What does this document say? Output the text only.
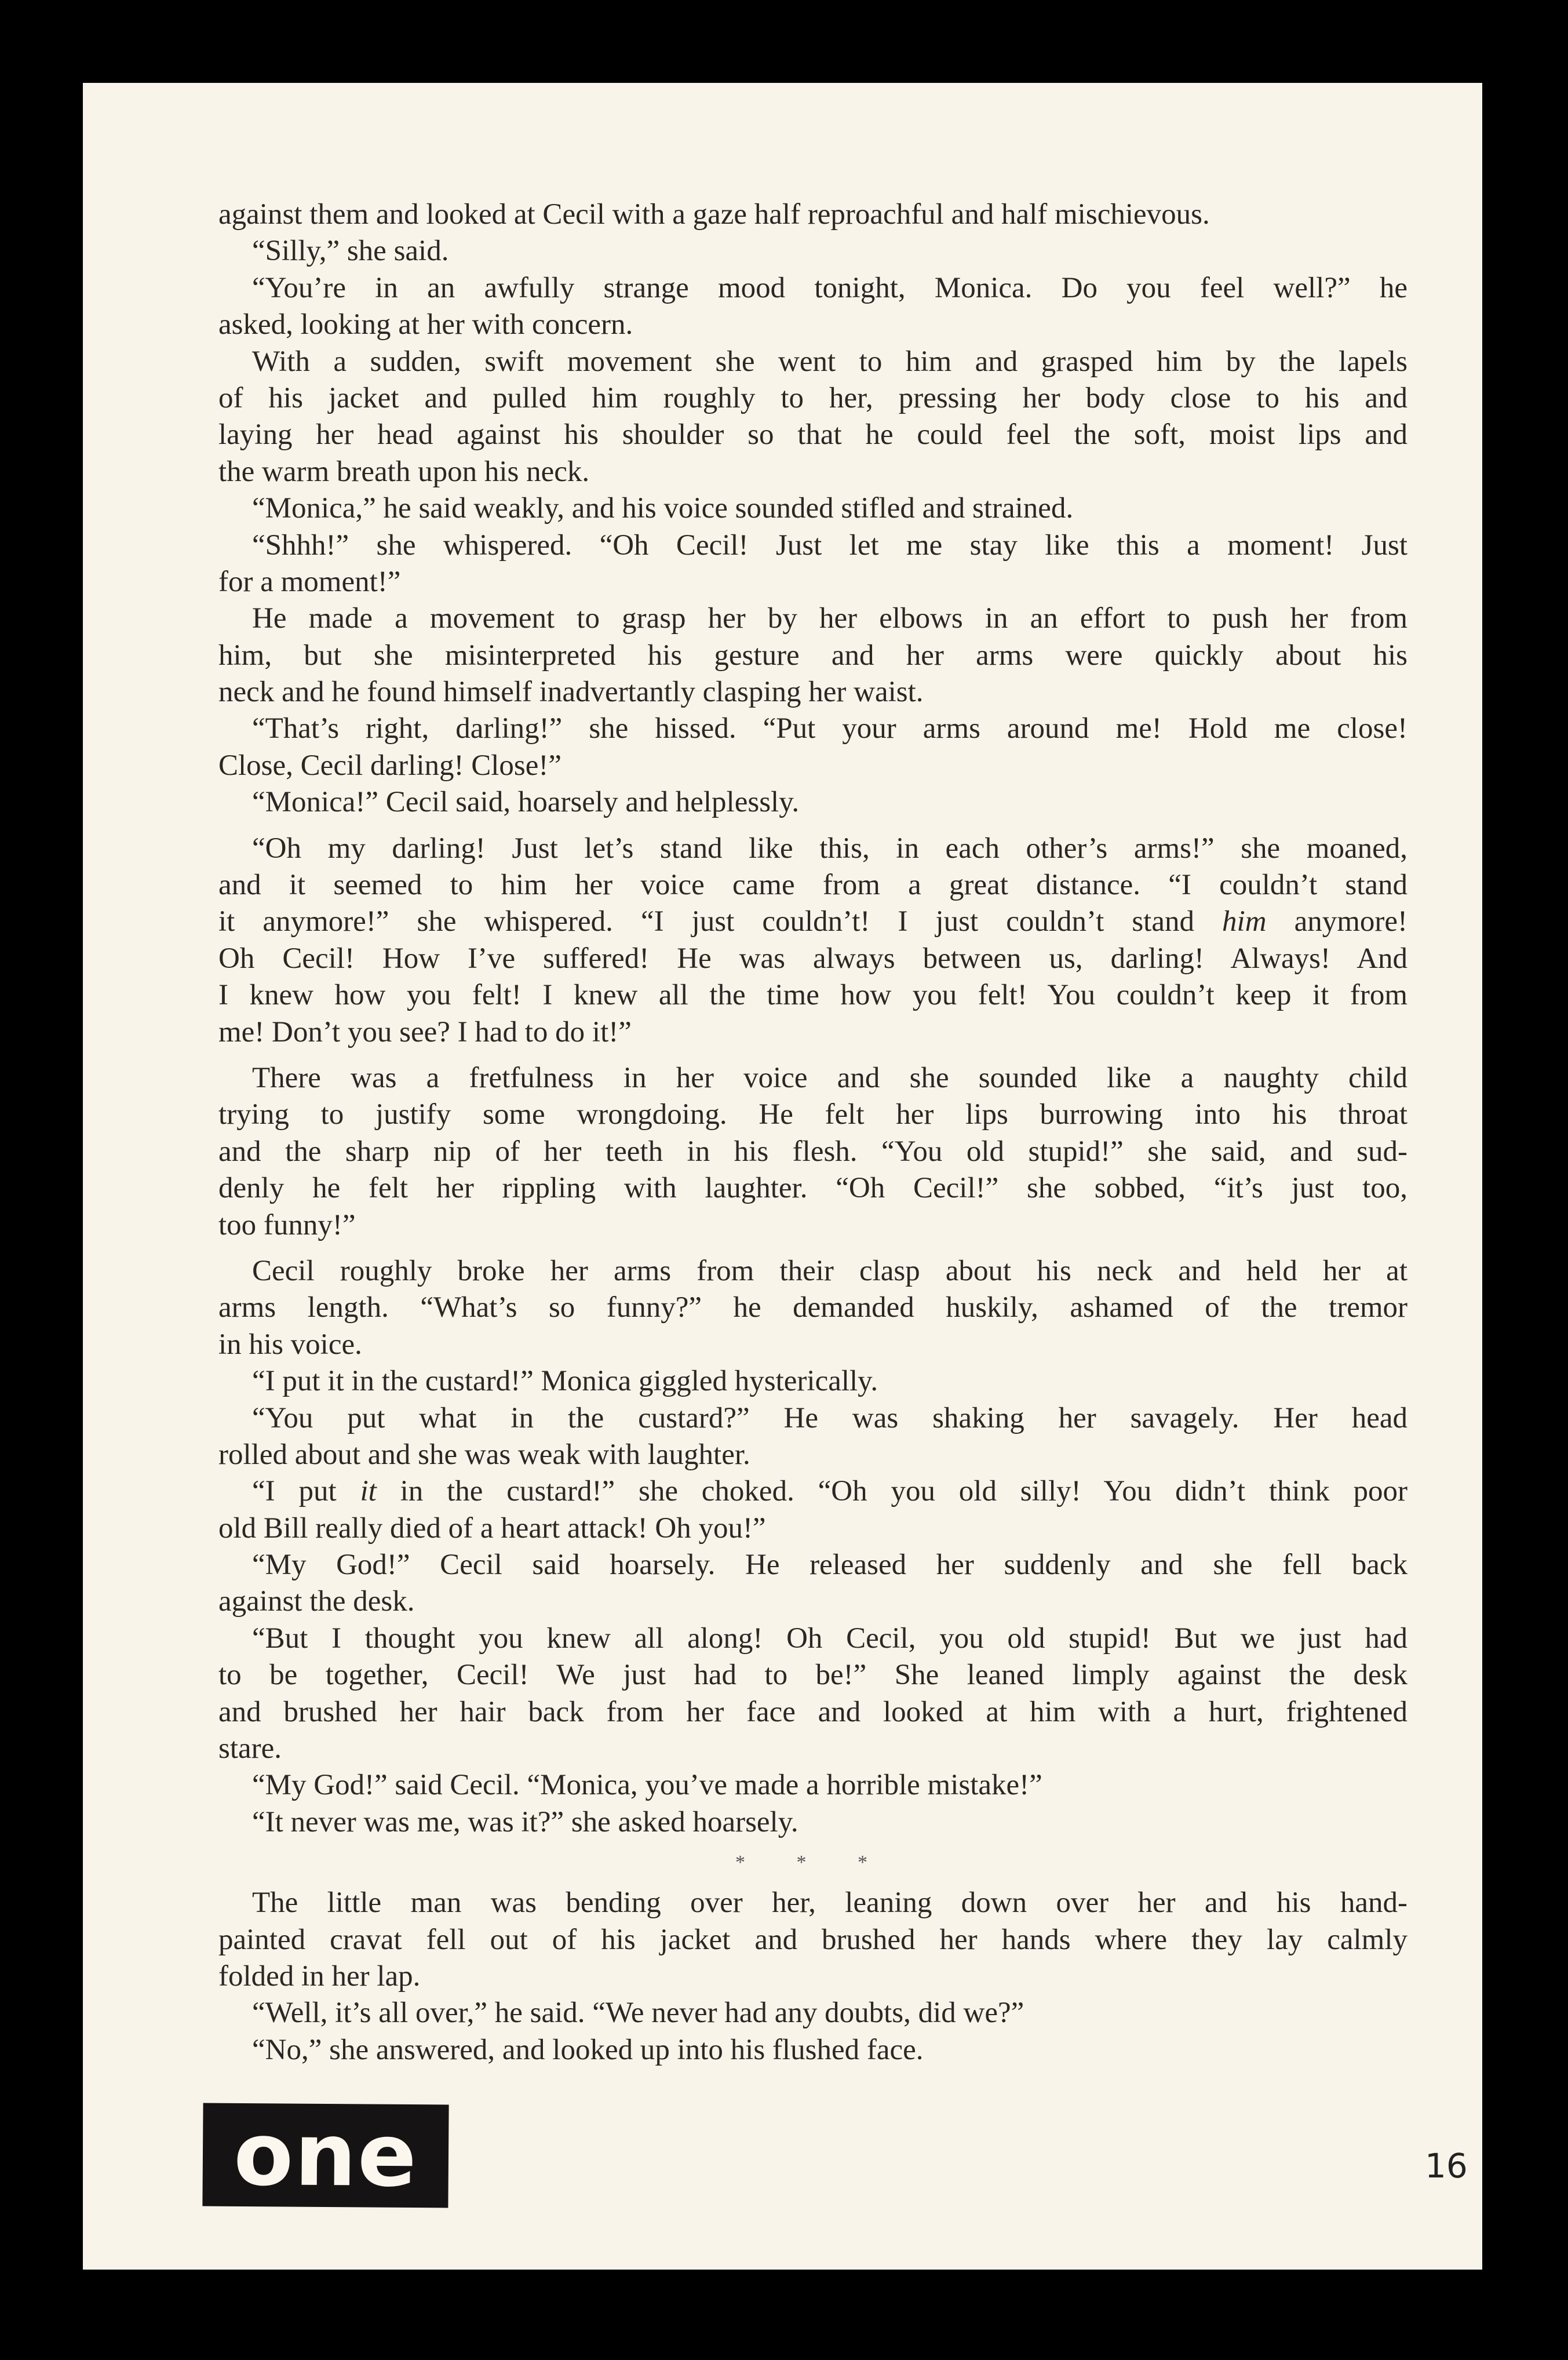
against them and looked at Cecil with a gaze half reproachful and half mischievous.
“Silly,” she said.
“You’re in an awfully strange mood tonight, Monica. Do you feel well?” he
asked, looking at her with concern.
With a sudden, swift movement she went to him and grasped him by the lapels
of his jacket and pulled him roughly to her, pressing her body close to his and
laying her head against his shoulder so that he could feel the soft, moist lips and
the warm breath upon his neck.
“Monica,” he said weakly, and his voice sounded stifled and strained.
“Shhh!” she whispered. “Oh Cecil! Just let me stay like this a moment! Just
for a moment!”
He made a movement to grasp her by her elbows in an effort to push her from
him, but she misinterpreted his gesture and her arms were quickly about his
neck and he found himself inadvertantly clasping her waist.
“That’s right, darling!” she hissed. “Put your arms around me! Hold me close!
Close, Cecil darling! Close!”
“Monica!” Cecil said, hoarsely and helplessly.
“Oh my darling! Just let’s stand like this, in each other’s arms!” she moaned,
and it seemed to him her voice came from a great distance. “I couldn’t stand
it anymore!” she whispered. “I just couldn’t! I just couldn’t stand him anymore!
Oh Cecil! How I’ve suffered! He was always between us, darling! Always! And
I knew how you felt! I knew all the time how you felt! You couldn’t keep it from
me! Don’t you see? I had to do it!”
There was a fretfulness in her voice and she sounded like a naughty child
trying to justify some wrongdoing. He felt her lips burrowing into his throat
and the sharp nip of her teeth in his flesh. “You old stupid!” she said, and sud-
denly he felt her rippling with laughter. “Oh Cecil!” she sobbed, “it’s just too,
too funny!”
Cecil roughly broke her arms from their clasp about his neck and held her at
arms length. “What’s so funny?” he demanded huskily, ashamed of the tremor
in his voice.
“I put it in the custard!” Monica giggled hysterically.
“You put what in the custard?” He was shaking her savagely. Her head
rolled about and she was weak with laughter.
“I put it in the custard!” she choked. “Oh you old silly! You didn’t think poor
old Bill really died of a heart attack! Oh you!”
“My God!” Cecil said hoarsely. He released her suddenly and she fell back
against the desk.
“But I thought you knew all along! Oh Cecil, you old stupid! But we just had
to be together, Cecil! We just had to be!” She leaned limply against the desk
and brushed her hair back from her face and looked at him with a hurt, frightened
stare.
“My God!” said Cecil. “Monica, you’ve made a horrible mistake!”
“It never was me, was it?” she asked hoarsely.
* * *
The little man was bending over her, leaning down over her and his hand-
painted cravat fell out of his jacket and brushed her hands where they lay calmly
folded in her lap.
“Well, it’s all over,” he said. “We never had any doubts, did we?”
“No,” she answered, and looked up into his flushed face.
one	16
